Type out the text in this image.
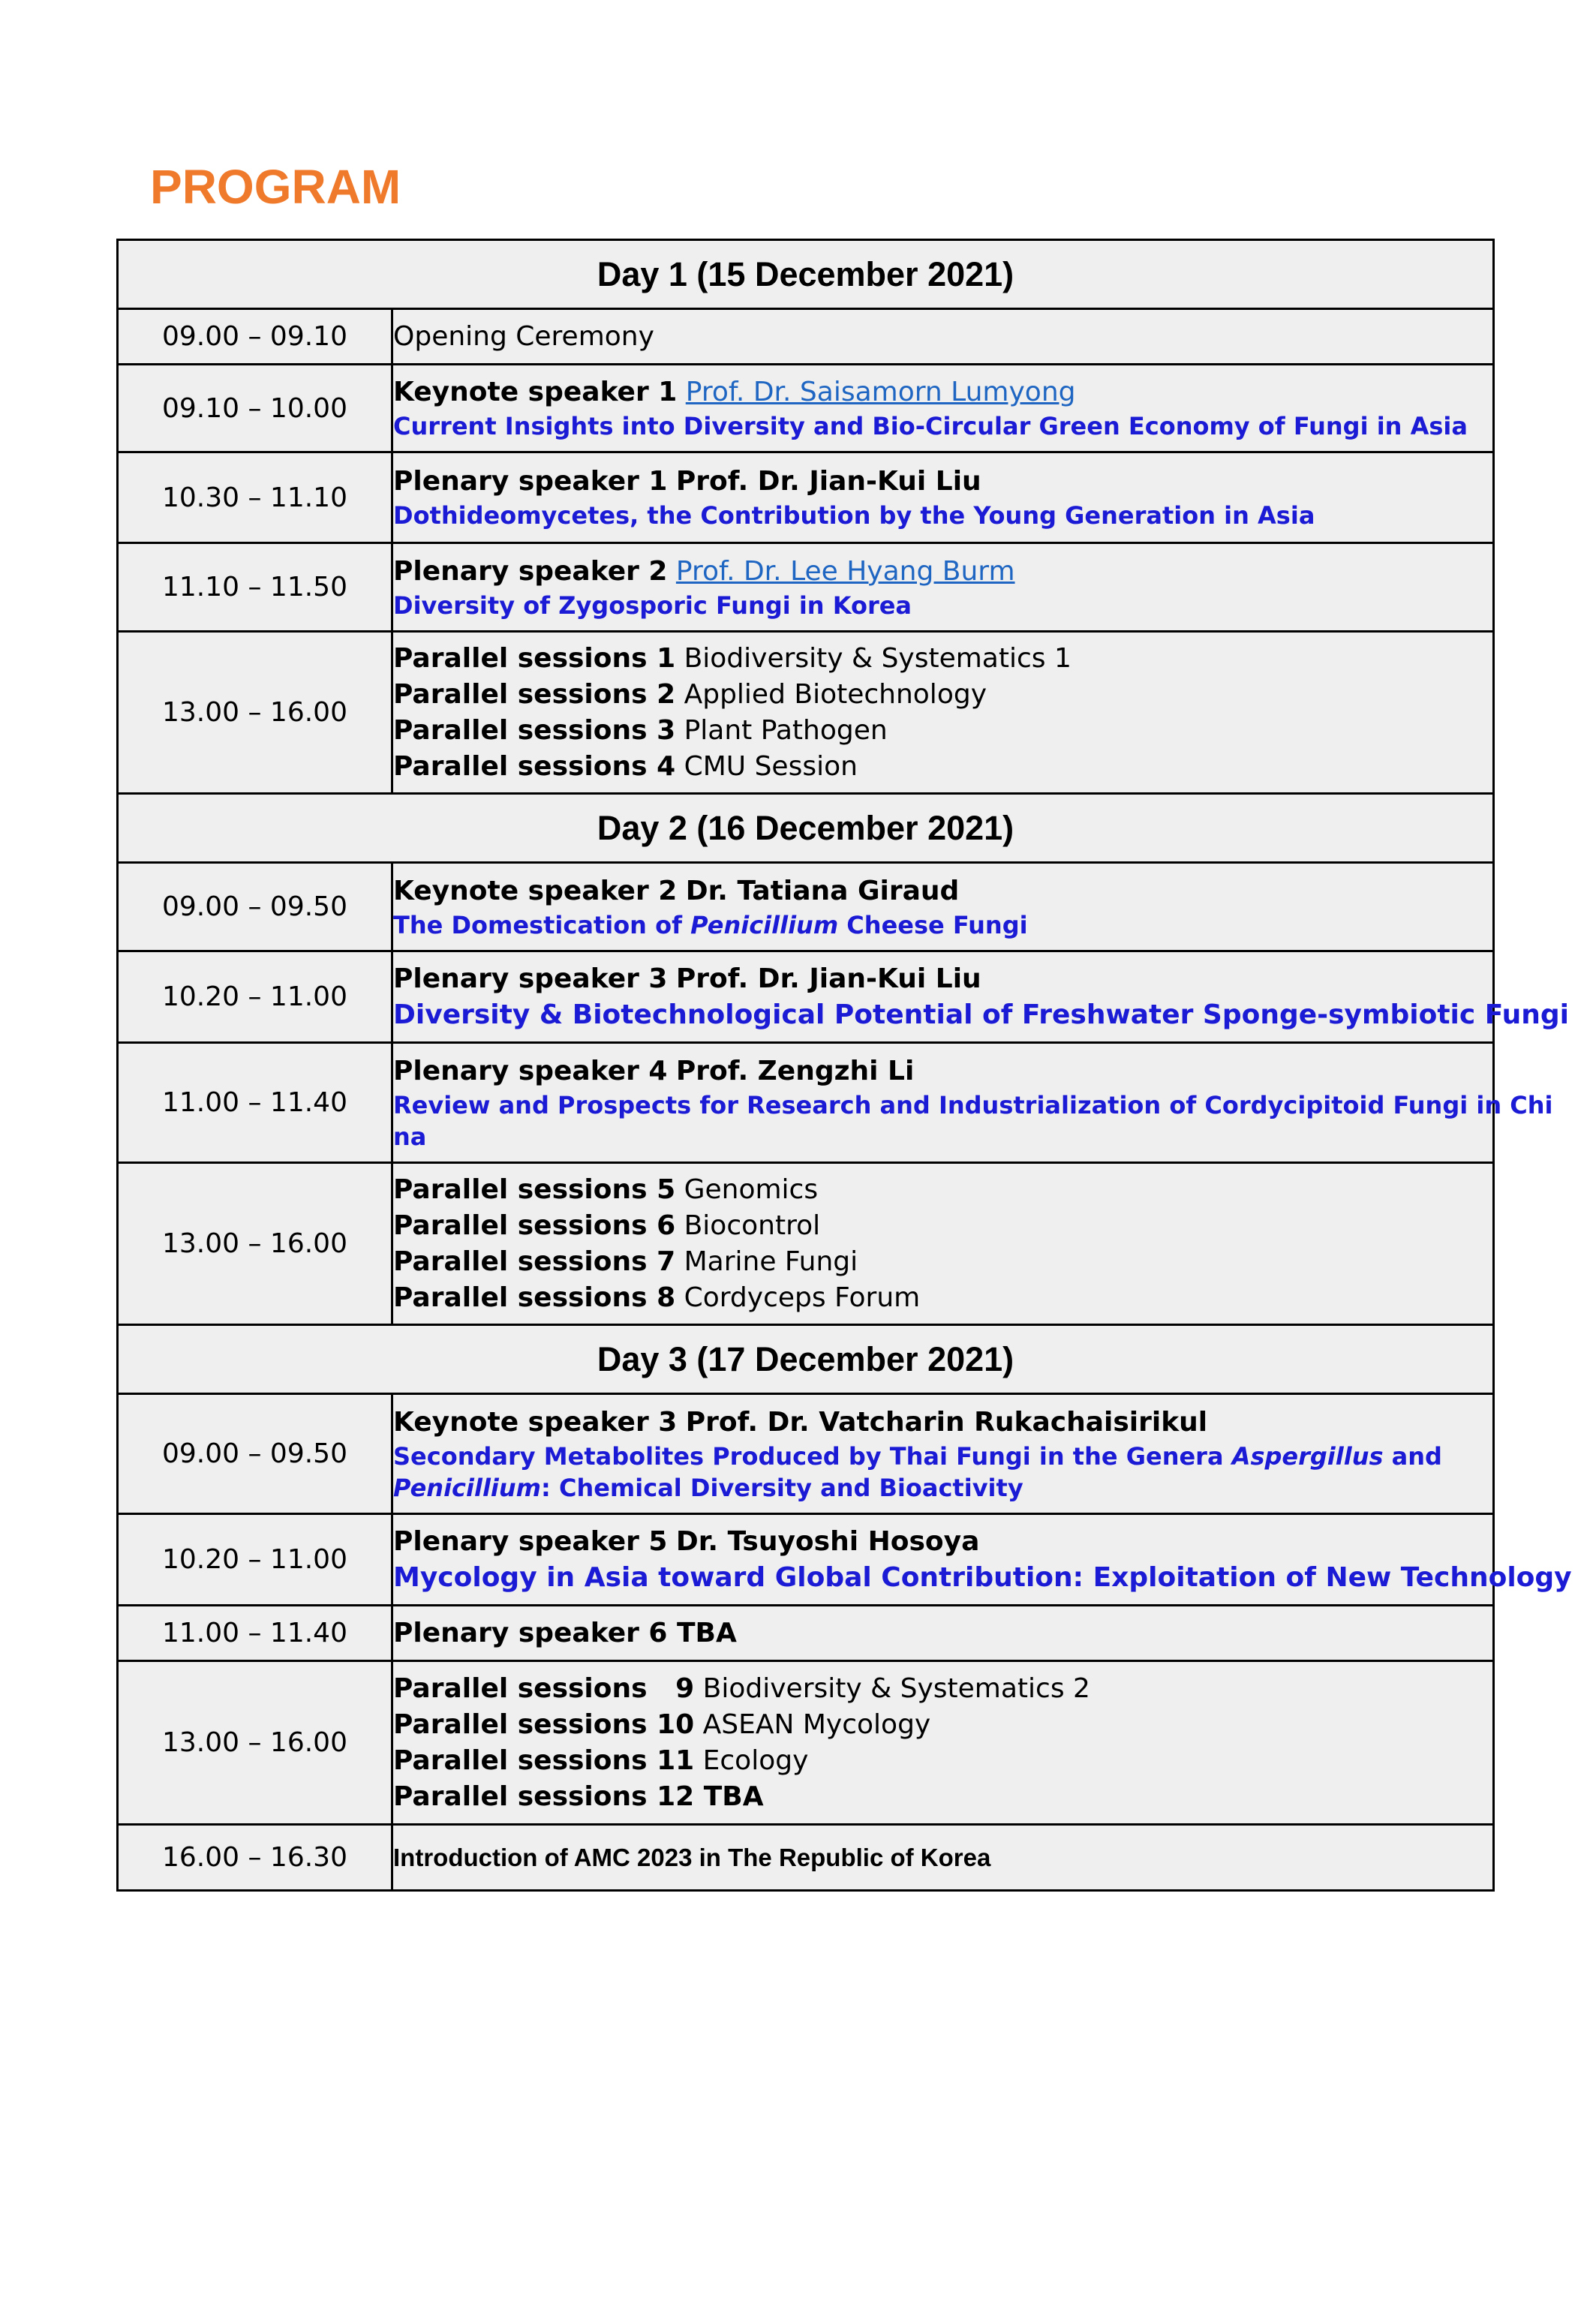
PROGRAM
Day 1 (15 December 2021)	
09.00 – 09.10	Opening Ceremony

09.10 – 10.00	Keynote speaker 1 Prof. Dr. Saisamorn Lumyong
Current Insights into Diversity and Bio-Circular Green Economy of Fungi in Asia

10.30 – 11.10	Plenary speaker 1 Prof. Dr. Jian-Kui Liu
Dothideomycetes, the Contribution by the Young Generation in Asia

11.10 – 11.50	Plenary speaker 2 Prof. Dr. Lee Hyang Burm
Diversity of Zygosporic Fungi in Korea

13.00 – 16.00	Parallel sessions 1 Biodiversity & Systematics 1
Parallel sessions 2 Applied Biotechnology
Parallel sessions 3 Plant Pathogen
Parallel sessions 4 CMU Session

Day 2 (16 December 2021)	
09.00 – 09.50	Keynote speaker 2 Dr. Tatiana Giraud
The Domestication of Penicillium Cheese Fungi

10.20 – 11.00	Plenary speaker 3 Prof. Dr. Jian-Kui Liu
Diversity & Biotechnological Potential of Freshwater Sponge-symbiotic Fungi

11.00 – 11.40	Plenary speaker 4 Prof. Zengzhi Li
Review and Prospects for Research and Industrialization of Cordycipitoid Fungi in Chi
na

13.00 – 16.00	Parallel sessions 5 Genomics
Parallel sessions 6 Biocontrol
Parallel sessions 7 Marine Fungi
Parallel sessions 8 Cordyceps Forum

Day 3 (17 December 2021)	
09.00 – 09.50	Keynote speaker 3 Prof. Dr. Vatcharin Rukachaisirikul
Secondary Metabolites Produced by Thai Fungi in the Genera Aspergillus and
Penicillium: Chemical Diversity and Bioactivity

10.20 – 11.00	Plenary speaker 5 Dr. Tsuyoshi Hosoya
Mycology in Asia toward Global Contribution: Exploitation of New Technology

11.00 – 11.40	Plenary speaker 6 TBA

13.00 – 16.00	Parallel sessions   9 Biodiversity & Systematics 2
Parallel sessions 10 ASEAN Mycology
Parallel sessions 11 Ecology
Parallel sessions 12 TBA

16.00 – 16.30	Introduction of AMC 2023 in The Republic of Korea
